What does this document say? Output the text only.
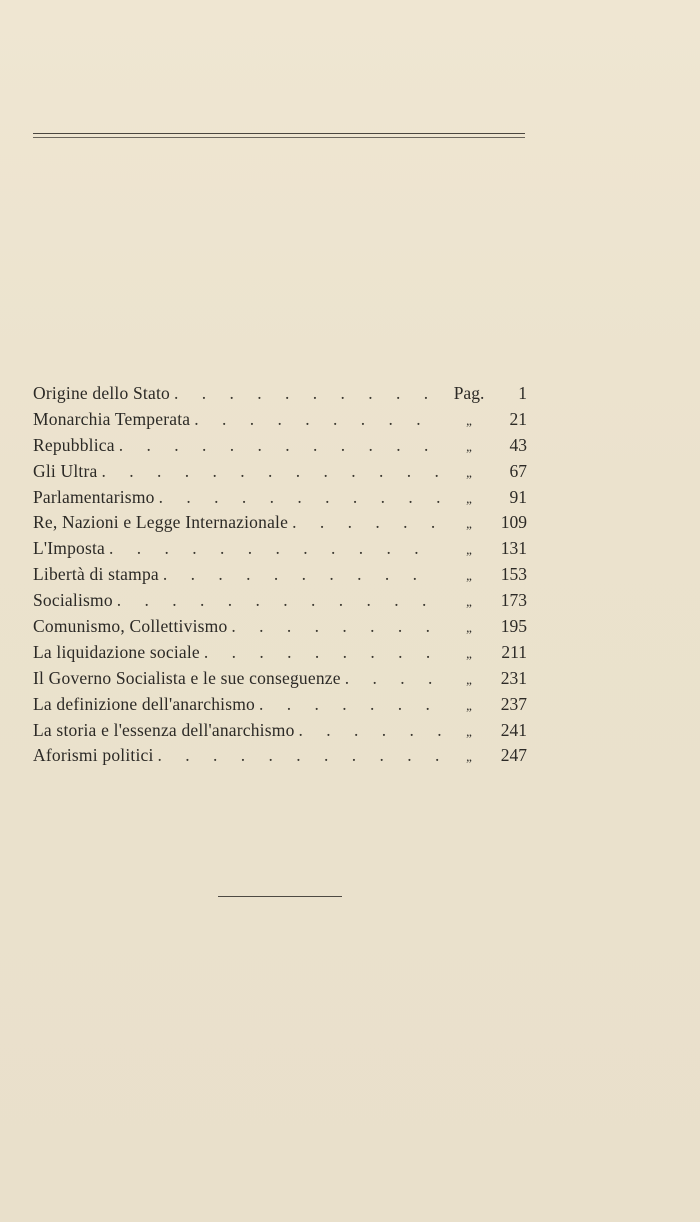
Origine dello Stato . . .	Pag.	1
Monarchia Temperata . . .	„	21
Repubblica . . .	„	43
Gli Ultra . . .	„	67
Parlamentarismo . . .	„	91
Re, Nazioni e Legge Internazionale . . .	„	109
L'Imposta . . .	„	131
Libertà di stampa . . .	„	153
Socialismo . . .	„	173
Comunismo, Collettivismo . . .	„	195
La liquidazione sociale . . .	„	211
Il Governo Socialista e le sue conseguenze . . .	„	231
La definizione dell'anarchismo . . .	„	237
La storia e l'essenza dell'anarchismo . . .	„	241
Aforismi politici . . .	„	247
